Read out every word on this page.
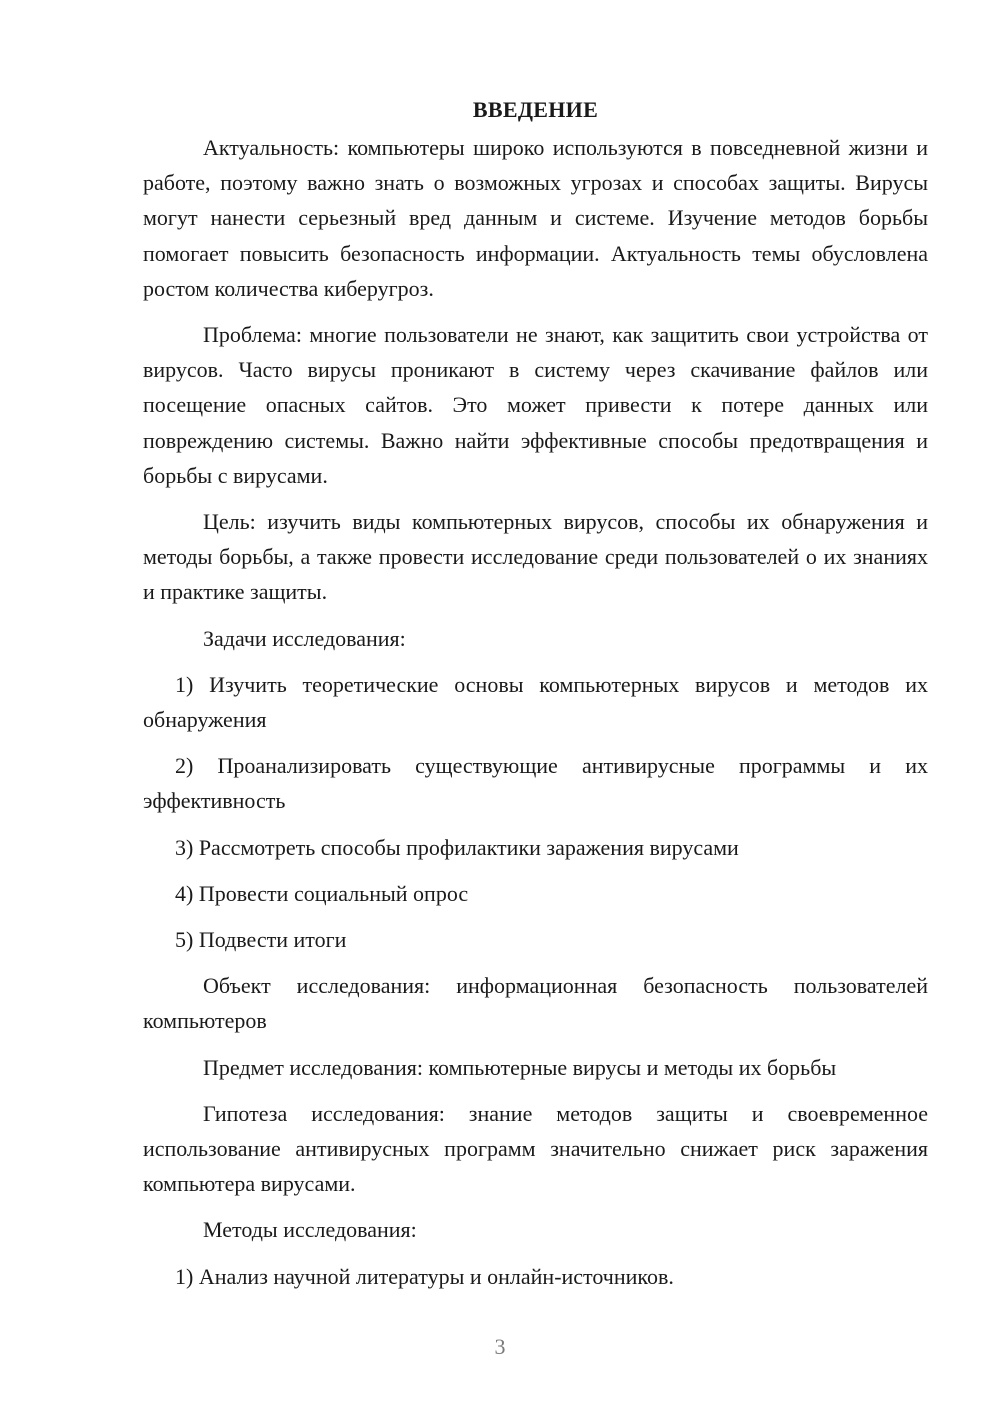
ВВЕДЕНИЕ

Актуальность: компьютеры широко используются в повседневной жизни и работе, поэтому важно знать о возможных угрозах и способах защиты. Вирусы могут нанести серьезный вред данным и системе. Изучение методов борьбы помогает повысить безопасность информации. Актуальность темы обусловлена ростом количества киберугроз.

Проблема: многие пользователи не знают, как защитить свои устройства от вирусов. Часто вирусы проникают в систему через скачивание файлов или посещение опасных сайтов. Это может привести к потере данных или повреждению системы. Важно найти эффективные способы предотвращения и борьбы с вирусами.

Цель: изучить виды компьютерных вирусов, способы их обнаружения и методы борьбы, а также провести исследование среди пользователей о их знаниях и практике защиты.

Задачи исследования:

1) Изучить теоретические основы компьютерных вирусов и методов их обнаружения

2) Проанализировать существующие антивирусные программы и их эффективность

3) Рассмотреть способы профилактики заражения вирусами

4) Провести социальный опрос

5) Подвести итоги

Объект исследования: информационная безопасность пользователей компьютеров

Предмет исследования: компьютерные вирусы и методы их борьбы

Гипотеза исследования: знание методов защиты и своевременное использование антивирусных программ значительно снижает риск заражения компьютера вирусами.

Методы исследования:

1) Анализ научной литературы и онлайн-источников.

3
